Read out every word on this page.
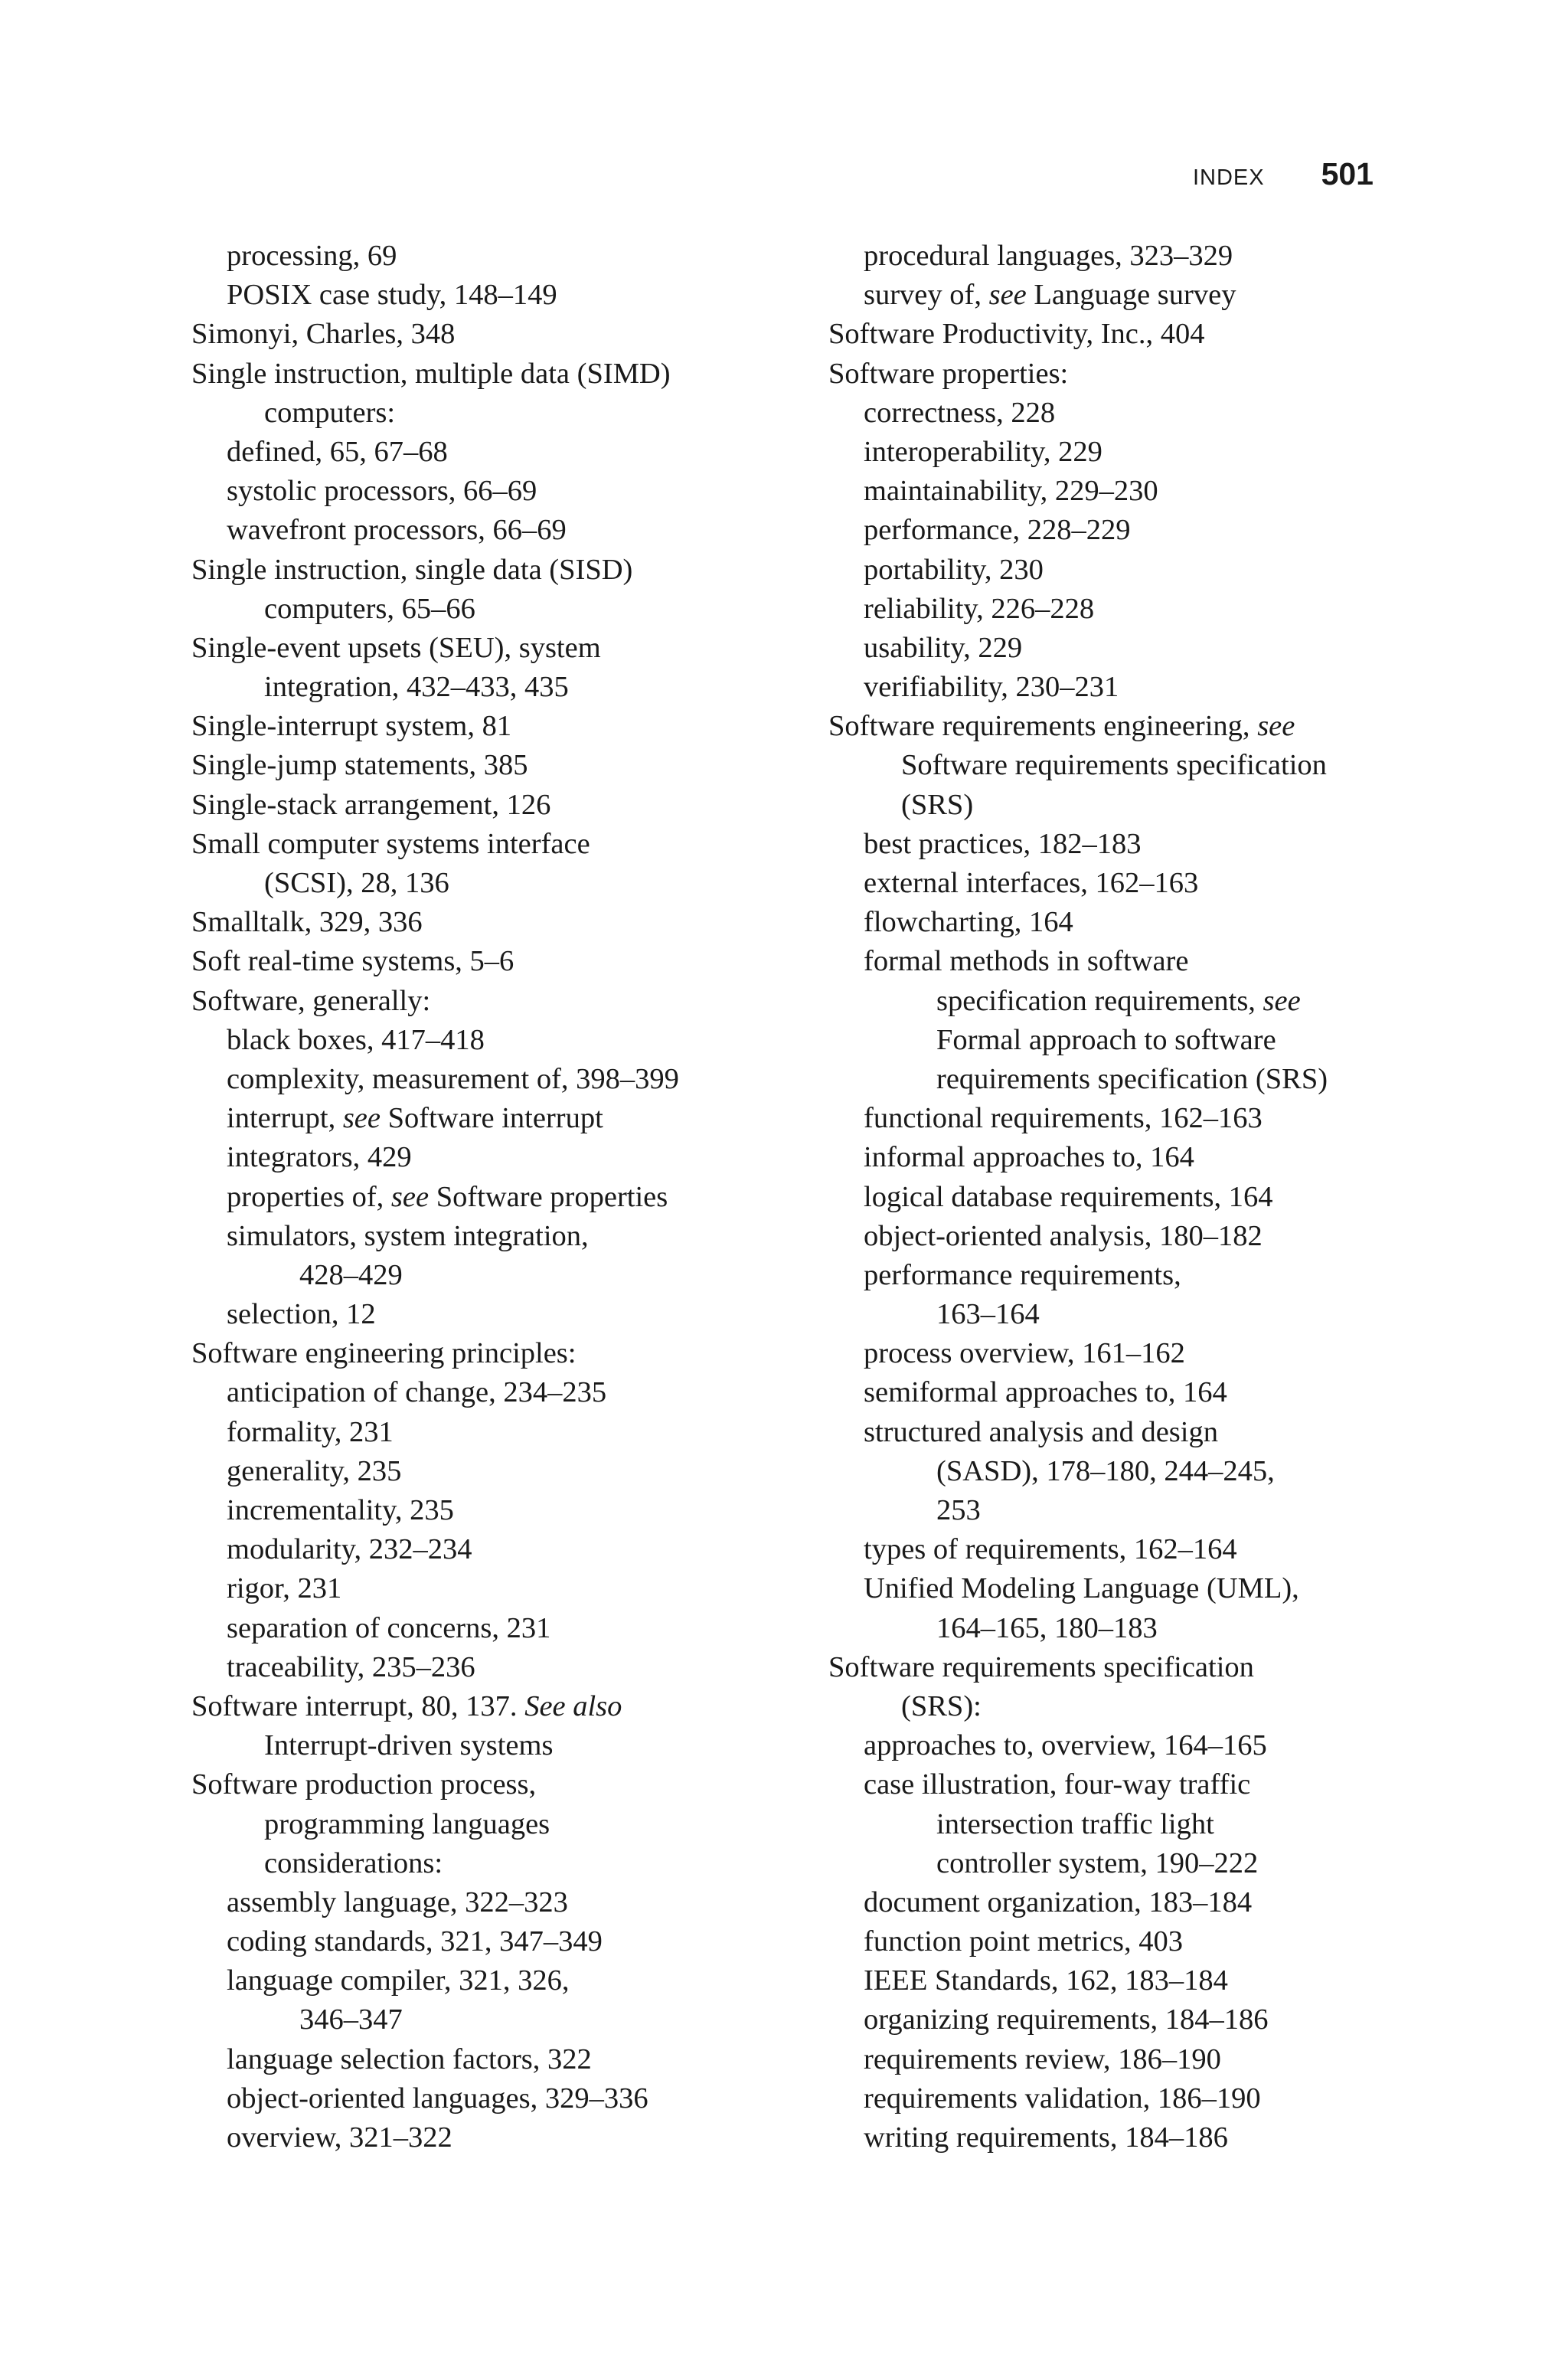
INDEX 501
processing, 69
POSIX case study, 148–149
Simonyi, Charles, 348
Single instruction, multiple data (SIMD)
computers:
defined, 65, 67–68
systolic processors, 66–69
wavefront processors, 66–69
Single instruction, single data (SISD)
computers, 65–66
Single-event upsets (SEU), system
integration, 432–433, 435
Single-interrupt system, 81
Single-jump statements, 385
Single-stack arrangement, 126
Small computer systems interface
(SCSI), 28, 136
Smalltalk, 329, 336
Soft real-time systems, 5–6
Software, generally:
black boxes, 417–418
complexity, measurement of, 398–399
interrupt, see Software interrupt
integrators, 429
properties of, see Software properties
simulators, system integration,
428–429
selection, 12
Software engineering principles:
anticipation of change, 234–235
formality, 231
generality, 235
incrementality, 235
modularity, 232–234
rigor, 231
separation of concerns, 231
traceability, 235–236
Software interrupt, 80, 137. See also
Interrupt-driven systems
Software production process,
programming languages
considerations:
assembly language, 322–323
coding standards, 321, 347–349
language compiler, 321, 326,
346–347
language selection factors, 322
object-oriented languages, 329–336
overview, 321–322
procedural languages, 323–329
survey of, see Language survey
Software Productivity, Inc., 404
Software properties:
correctness, 228
interoperability, 229
maintainability, 229–230
performance, 228–229
portability, 230
reliability, 226–228
usability, 229
verifiability, 230–231
Software requirements engineering, see
Software requirements specification
(SRS)
best practices, 182–183
external interfaces, 162–163
flowcharting, 164
formal methods in software
specification requirements, see
Formal approach to software
requirements specification (SRS)
functional requirements, 162–163
informal approaches to, 164
logical database requirements, 164
object-oriented analysis, 180–182
performance requirements,
163–164
process overview, 161–162
semiformal approaches to, 164
structured analysis and design
(SASD), 178–180, 244–245,
253
types of requirements, 162–164
Unified Modeling Language (UML),
164–165, 180–183
Software requirements specification
(SRS):
approaches to, overview, 164–165
case illustration, four-way traffic
intersection traffic light
controller system, 190–222
document organization, 183–184
function point metrics, 403
IEEE Standards, 162, 183–184
organizing requirements, 184–186
requirements review, 186–190
requirements validation, 186–190
writing requirements, 184–186
